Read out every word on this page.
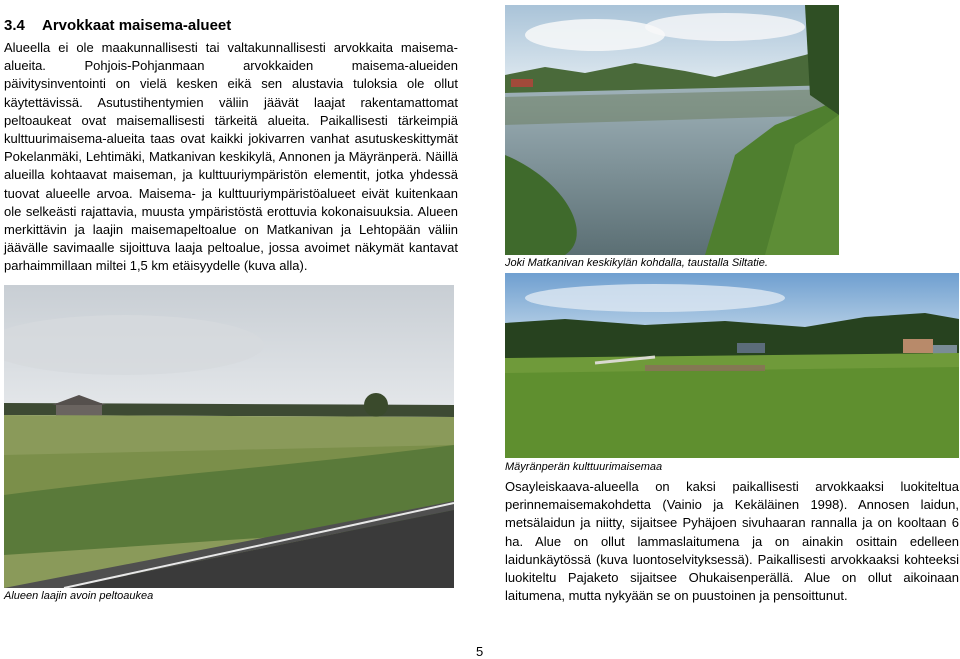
3.4 Arvokkaat maisema-alueet
Alueella ei ole maakunnallisesti tai valtakunnallisesti arvokkaita maisema-alueita. Pohjois-Pohjanmaan arvokkaiden maisema-alueiden päivitysinventointi on vielä kesken eikä sen alustavia tuloksia ole ollut käytettävissä. Asutustihentymien väliin jäävät laajat rakentamattomat peltoaukeat ovat maisemallisesti tärkeitä alueita. Paikallisesti tärkeimpiä kulttuurimaisema-alueita taas ovat kaikki jokivarren vanhat asutuskeskittymät Pokelanmäki, Lehtimäki, Matkanivan keskikylä, Annonen ja Mäyränperä. Näillä alueilla kohtaavat maiseman, ja kulttuuriympäristön elementit, jotka yhdessä tuovat alueelle arvoa. Maisema- ja kulttuuriympäristöalueet eivät kuitenkaan ole selkeästi rajattavia, muusta ympäristöstä erottuvia kokonaisuuksia. Alueen merkittävin ja laajin maisemapeltoalue on Matkanivan ja Lehtopään väliin jäävälle savimaalle sijoittuva laaja peltoalue, jossa avoimet näkymät kantavat parhaimmillaan miltei 1,5 km etäisyydelle (kuva alla).	Joki Matkanivan keskikylän kohdalla, taustalla Siltatie.
Alueen laajin avoin peltoaukea
Mäyränperän kulttuurimaisemaa
Osayleiskaava-alueella on kaksi paikallisesti arvokkaaksi luokiteltua perinnemaisemakohdetta (Vainio ja Kekäläinen 1998). Annosen laidun, metsälaidun ja niitty, sijaitsee Pyhäjoen sivuhaaran rannalla ja on kooltaan 6 ha. Alue on ollut lammaslaitumena ja on ainakin osittain edelleen laidunkäytössä (kuva luontoselvityksessä). Paikallisesti arvokkaaksi kohteeksi luokiteltu Pajaketo sijaitsee Ohukaisenperällä. Alue on ollut aikoinaan laitumena, mutta nykyään se on puustoinen ja pensoittunut.
5
